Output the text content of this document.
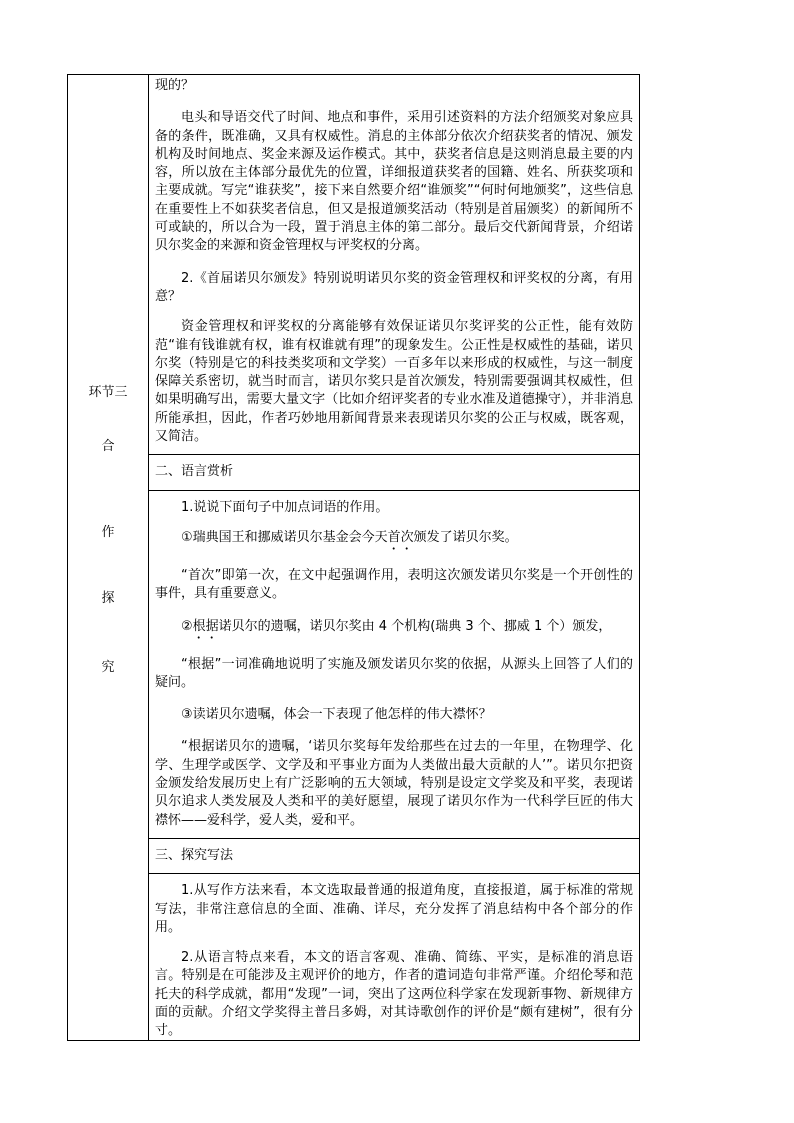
环节三
合
作
探
究

现的？

电头和导语交代了时间、地点和事件，采用引述资料的方法介绍颁奖对象应具备的条件，既准确，又具有权威性。消息的主体部分依次介绍获奖者的情况、颁发机构及时间地点、奖金来源及运作模式。其中，获奖者信息是这则消息最主要的内容，所以放在主体部分最优先的位置，详细报道获奖者的国籍、姓名、所获奖项和主要成就。写完“谁获奖”，接下来自然要介绍“谁颁奖”“何时何地颁奖”，这些信息在重要性上不如获奖者信息，但又是报道颁奖活动（特别是首届颁奖）的新闻所不可或缺的，所以合为一段，置于消息主体的第二部分。最后交代新闻背景，介绍诺贝尔奖金的来源和资金管理权与评奖权的分离。

2.《首届诺贝尔颁发》特别说明诺贝尔奖的资金管理权和评奖权的分离，有用意？

资金管理权和评奖权的分离能够有效保证诺贝尔奖评奖的公正性，能有效防范“谁有钱谁就有权，谁有权谁就有理”的现象发生。公正性是权威性的基础，诺贝尔奖（特别是它的科技类奖项和文学奖）一百多年以来形成的权威性，与这一制度保障关系密切，就当时而言，诺贝尔奖只是首次颁发，特别需要强调其权威性，但如果明确写出，需要大量文字（比如介绍评奖者的专业水准及道德操守），并非消息所能承担，因此，作者巧妙地用新闻背景来表现诺贝尔奖的公正与权威，既客观，又简洁。

二、语言赏析

1.说说下面句子中加点词语的作用。

①瑞典国王和挪威诺贝尔基金会今天首次颁发了诺贝尔奖。

“首次”即第一次，在文中起强调作用，表明这次颁发诺贝尔奖是一个开创性的事件，具有重要意义。

②根据诺贝尔的遗嘱，诺贝尔奖由 4 个机构(瑞典 3 个、挪威 1 个）颁发，

“根据”一词准确地说明了实施及颁发诺贝尔奖的依据，从源头上回答了人们的疑问。

③读诺贝尔遗嘱，体会一下表现了他怎样的伟大襟怀？

“根据诺贝尔的遗嘱，‘诺贝尔奖每年发给那些在过去的一年里，在物理学、化学、生理学或医学、文学及和平事业方面为人类做出最大贡献的人’”。诺贝尔把资金颁发给发展历史上有广泛影响的五大领域，特别是设定文学奖及和平奖，表现诺贝尔追求人类发展及人类和平的美好愿望，展现了诺贝尔作为一代科学巨匠的伟大襟怀——爱科学，爱人类，爱和平。

三、探究写法

1.从写作方法来看，本文选取最普通的报道角度，直接报道，属于标准的常规写法，非常注意信息的全面、准确、详尽，充分发挥了消息结构中各个部分的作用。

2.从语言特点来看，本文的语言客观、准确、简练、平实，是标准的消息语言。特别是在可能涉及主观评价的地方，作者的遣词造句非常严谨。介绍伦琴和范托夫的科学成就，都用“发现”一词，突出了这两位科学家在发现新事物、新规律方面的贡献。介绍文学奖得主普吕多姆，对其诗歌创作的评价是“颇有建树”，很有分寸。
